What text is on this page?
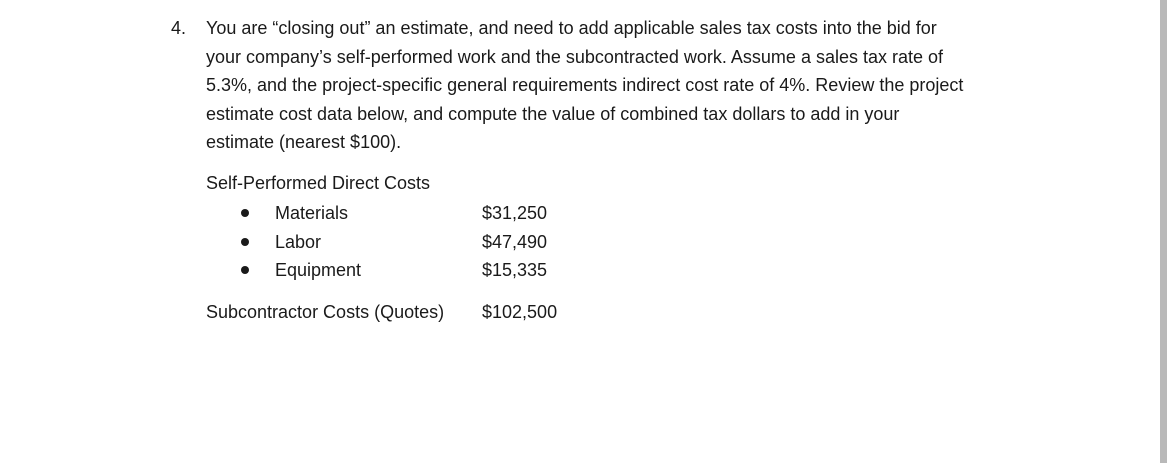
4. You are “closing out” an estimate, and need to add applicable sales tax costs into the bid for
your company’s self-performed work and the subcontracted work. Assume a sales tax rate of
5.3%, and the project-specific general requirements indirect cost rate of 4%. Review the project
estimate cost data below, and compute the value of combined tax dollars to add in your
estimate (nearest $100).
Self-Performed Direct Costs
Materials	$31,250
Labor	$47,490
Equipment	$15,335
Subcontractor Costs (Quotes) $102,500
